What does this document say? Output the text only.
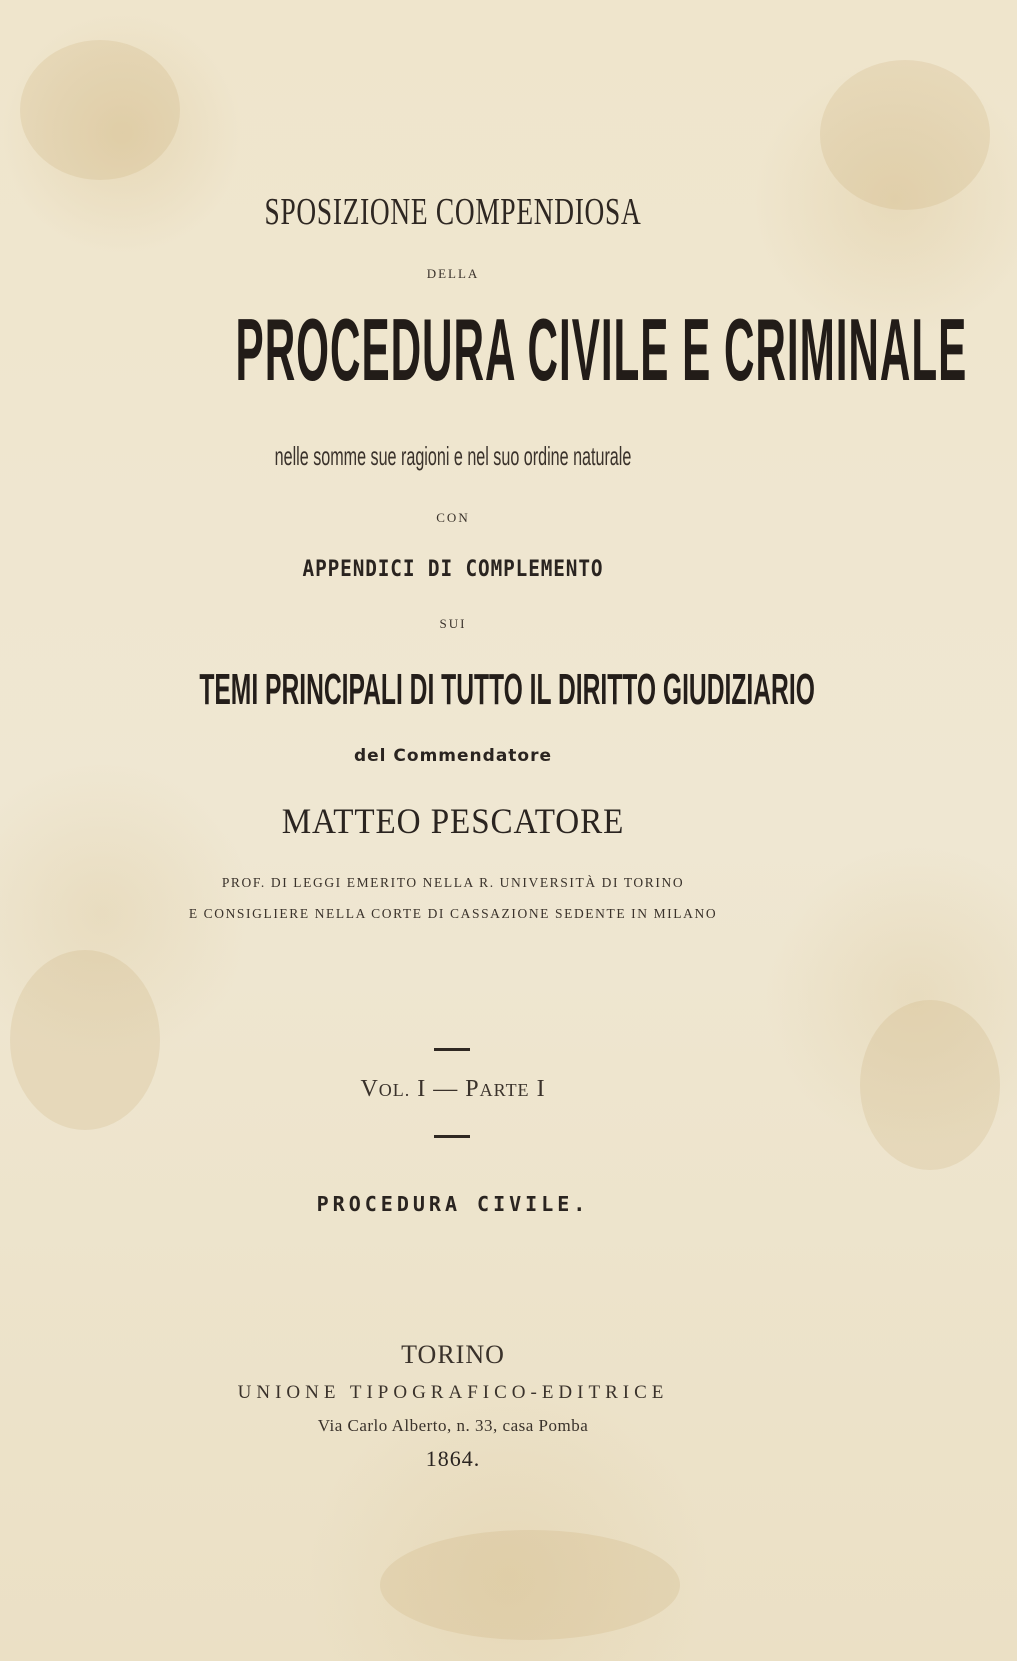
SPOSIZIONE COMPENDIOSA
DELLA
PROCEDURA CIVILE E CRIMINALE
nelle somme sue ragioni e nel suo ordine naturale
CON
APPENDICI DI COMPLEMENTO
SUI
TEMI PRINCIPALI DI TUTTO IL DIRITTO GIUDIZIARIO
del Commendatore
MATTEO PESCATORE
PROF. DI LEGGI EMERITO NELLA R. UNIVERSITÀ DI TORINO
E CONSIGLIERE NELLA CORTE DI CASSAZIONE SEDENTE IN MILANO
VOL. I — PARTE I
PROCEDURA CIVILE.
TORINO
UNIONE TIPOGRAFICO-EDITRICE
Via Carlo Alberto, n. 33, casa Pomba
1864.
